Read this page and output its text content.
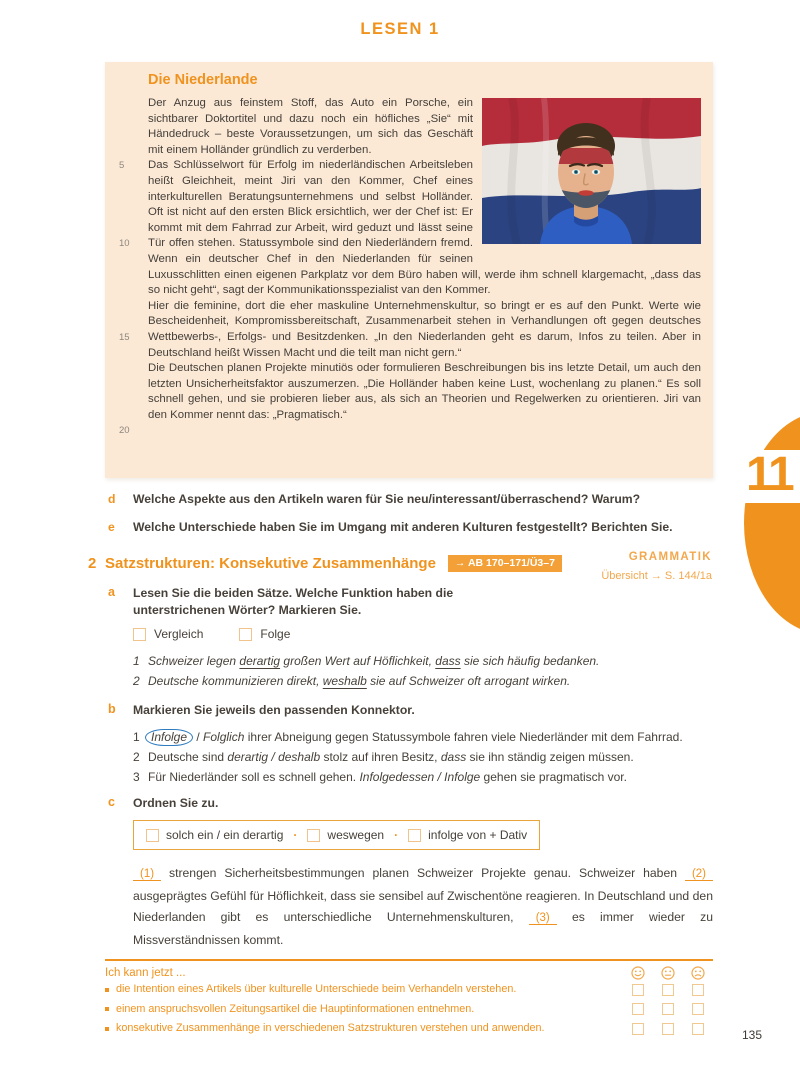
LESEN 1
5
10
15
20
Die Niederlande

Der Anzug aus feinstem Stoff, das Auto ein Porsche, ein sichtbarer Doktortitel und dazu noch ein höfliches „Sie“ mit Händedruck – beste Voraussetzungen, um sich das Geschäft mit einem Holländer gründlich zu verderben.

Das Schlüsselwort für Erfolg im niederländischen Arbeitsleben heißt Gleichheit, meint Jiri van den Kommer, Chef eines interkulturellen Beratungsunternehmens und selbst Holländer. Oft ist nicht auf den ersten Blick ersichtlich, wer der Chef ist: Er kommt mit dem Fahrrad zur Arbeit, wird geduzt und lässt seine Tür offen stehen. Statussymbole sind den Niederländern fremd. Wenn ein deutscher Chef in den Niederlanden für seinen Luxusschlitten einen eigenen Parkplatz vor dem Büro haben will, werde ihm schnell klargemacht, „dass das so nicht geht“, sagt der Kommunikationsspezialist van den Kommer.

Hier die feminine, dort die eher maskuline Unternehmenskultur, so bringt er es auf den Punkt. Werte wie Bescheidenheit, Kompromissbereitschaft, Zusammenarbeit stehen in Verhandlungen oft gegen deutsches Wettbewerbs-, Erfolgs- und Besitzdenken. „In den Niederlanden geht es darum, Infos zu teilen. Aber in Deutschland heißt Wissen Macht und die teilt man nicht gern.“

Die Deutschen planen Projekte minutiös oder formulieren Beschreibungen bis ins letzte Detail, um auch den letzten Unsicherheitsfaktor auszumerzen. „Die Holländer haben keine Lust, wochenlang zu planen.“ Es soll schnell gehen, und sie probieren lieber aus, als sich an Theorien und Regelwerken zu orientieren. Jiri van den Kommer nennt das: „Pragmatisch.“

d	Welche Aspekte aus den Artikeln waren für Sie neu/interessant/überraschend? Warum?
e	Welche Unterschiede haben Sie im Umgang mit anderen Kulturen festgestellt? Berichten Sie.
2 Satzstrukturen: Konsekutive Zusammenhänge	→ AB 170–171/Ü3–7
a	Lesen Sie die beiden Sätze. Welche Funktion haben die unterstrichenen Wörter? Markieren Sie.
Vergleich	Folge
1 Schweizer legen derartig großen Wert auf Höflichkeit, dass sie sich häufig bedanken.
2 Deutsche kommunizieren direkt, weshalb sie auf Schweizer oft arrogant wirken.
b	Markieren Sie jeweils den passenden Konnektor.
1 Infolge / Folglich ihrer Abneigung gegen Statussymbole fahren viele Niederländer mit dem Fahrrad.
2 Deutsche sind derartig / deshalb stolz auf ihren Besitz, dass sie ihn ständig zeigen müssen.
3 Für Niederländer soll es schnell gehen. Infolgedessen / Infolge gehen sie pragmatisch vor.
c	Ordnen Sie zu.
solch ein / ein derartig ·	weswegen ·	infolge von + Dativ
(1) strengen Sicherheitsbestimmungen planen Schweizer Projekte genau. Schweizer haben (2) ausgeprägtes Gefühl für Höflichkeit, dass sie sensibel auf Zwischentöne reagieren. In Deutschland und den Niederlanden gibt es unterschiedliche Unternehmenskulturen, (3) es immer wieder zu Missverständnissen kommt.
Ich kann jetzt ...
die Intention eines Artikels über kulturelle Unterschiede beim Verhandeln verstehen.
einem anspruchsvollen Zeitungsartikel die Hauptinformationen entnehmen.
konsekutive Zusammenhänge in verschiedenen Satzstrukturen verstehen und anwenden.
GRAMMATIK
Übersicht → S. 144/1a
11
135
